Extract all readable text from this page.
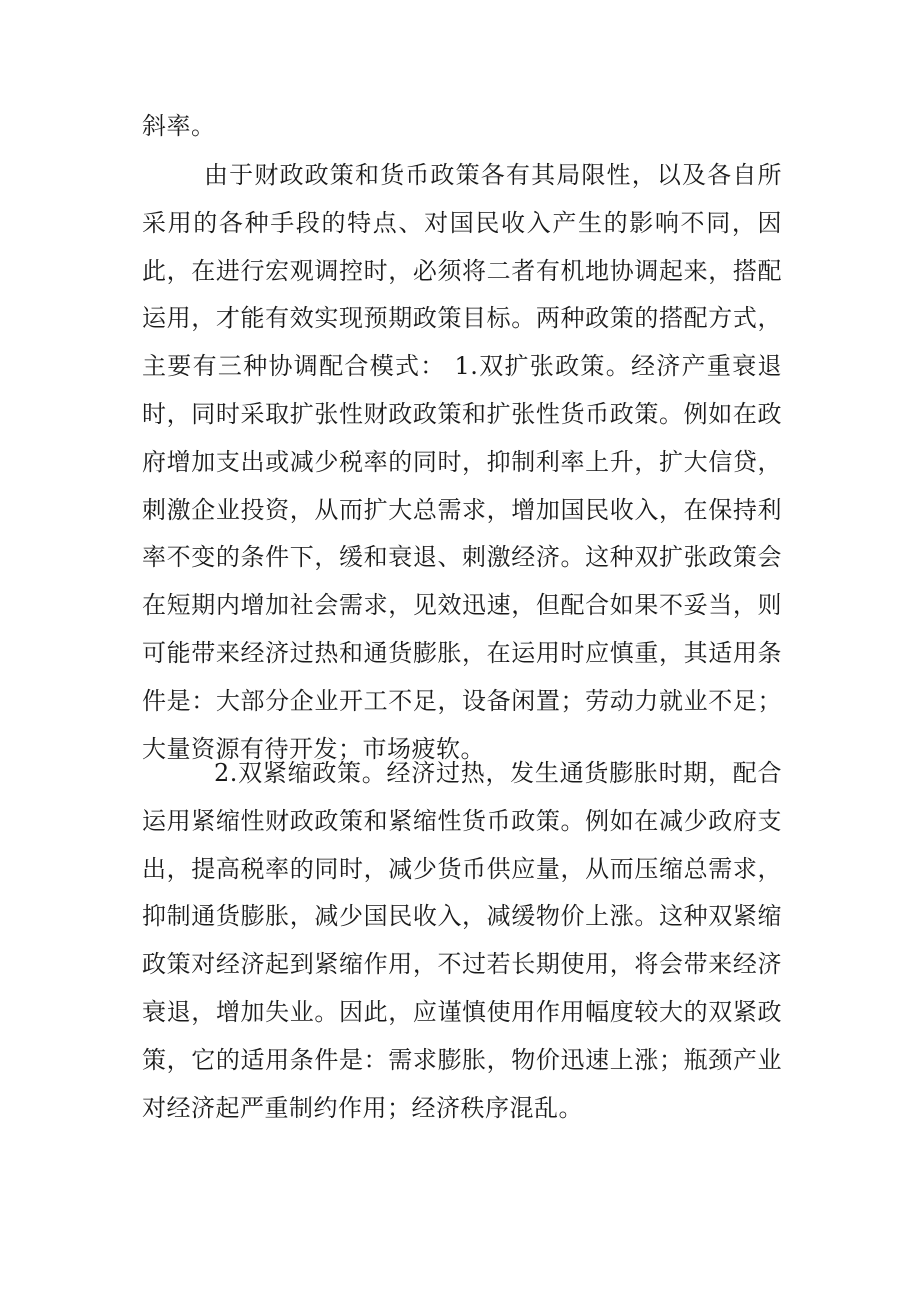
斜率。
由于财政政策和货币政策各有其局限性，以及各自所采用的各种手段的特点、对国民收入产生的影响不同，因此，在进行宏观调控时，必须将二者有机地协调起来，搭配运用，才能有效实现预期政策目标。两种政策的搭配方式，主要有三种协调配合模式： 1.双扩张政策。经济产重衰退时，同时采取扩张性财政政策和扩张性货币政策。例如在政府增加支出或减少税率的同时，抑制利率上升，扩大信贷，刺激企业投资，从而扩大总需求，增加国民收入，在保持利率不变的条件下，缓和衰退、刺激经济。这种双扩张政策会在短期内增加社会需求，见效迅速，但配合如果不妥当，则可能带来经济过热和通货膨胀，在运用时应慎重，其适用条件是：大部分企业开工不足，设备闲置；劳动力就业不足；大量资源有待开发；市场疲软。
2.双紧缩政策。经济过热，发生通货膨胀时期，配合运用紧缩性财政政策和紧缩性货币政策。例如在减少政府支出，提高税率的同时，减少货币供应量，从而压缩总需求，抑制通货膨胀，减少国民收入，减缓物价上涨。这种双紧缩政策对经济起到紧缩作用，不过若长期使用，将会带来经济衰退，增加失业。因此，应谨慎使用作用幅度较大的双紧政策，它的适用条件是：需求膨胀，物价迅速上涨；瓶颈产业对经济起严重制约作用；经济秩序混乱。
